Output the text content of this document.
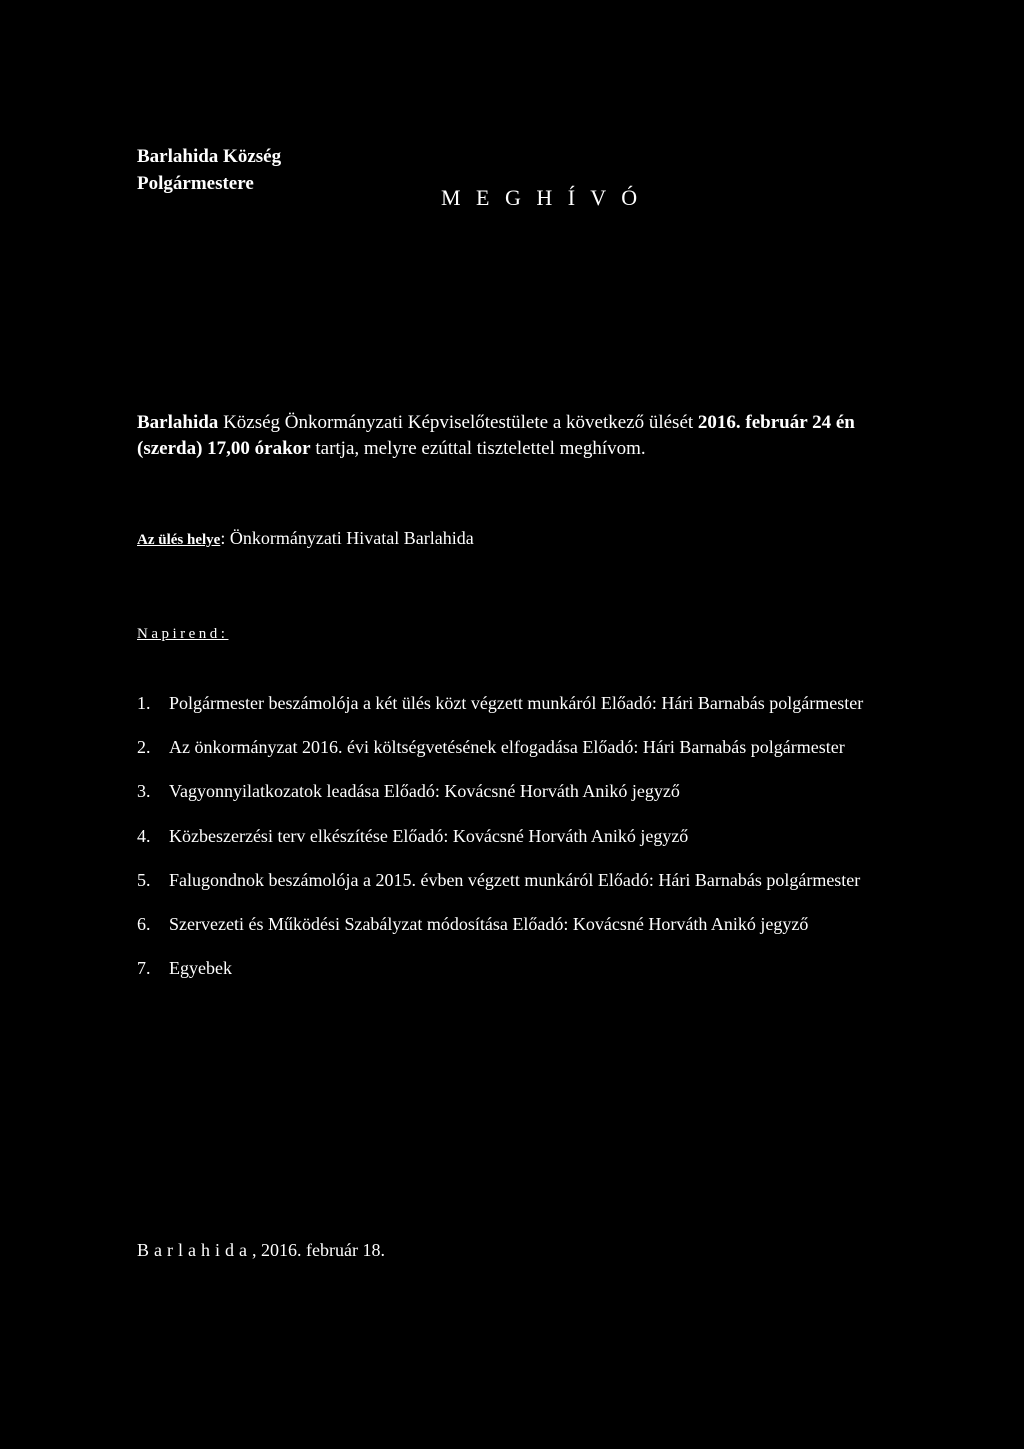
Barlahida Község
Polgármestere
M E G H Í V Ó
Barlahida Község Önkormányzati Képviselőtestülete a következő ülését 2016. február 24 én
(szerda) 17,00 órakor tartja, melyre ezúttal tisztelettel meghívom.
Az ülés helye: Önkormányzati Hivatal Barlahida
Napirend:
1. Polgármester beszámolója a két ülés közt végzett munkáról Előadó: Hári Barnabás polgármester
2. Az önkormányzat 2016. évi költségvetésének elfogadása Előadó: Hári Barnabás polgármester
3. Vagyonnyilatkozatok leadása Előadó: Kovácsné Horváth Anikó jegyző
4. Közbeszerzési terv elkészítése Előadó: Kovácsné Horváth Anikó jegyző
5. Falugondnok beszámolója a 2015. évben végzett munkáról Előadó: Hári Barnabás polgármester
6. Szervezeti és Működési Szabályzat módosítása Előadó: Kovácsné Horváth Anikó jegyző
7. Egyebek
Barlahida, 2016. február 18.
